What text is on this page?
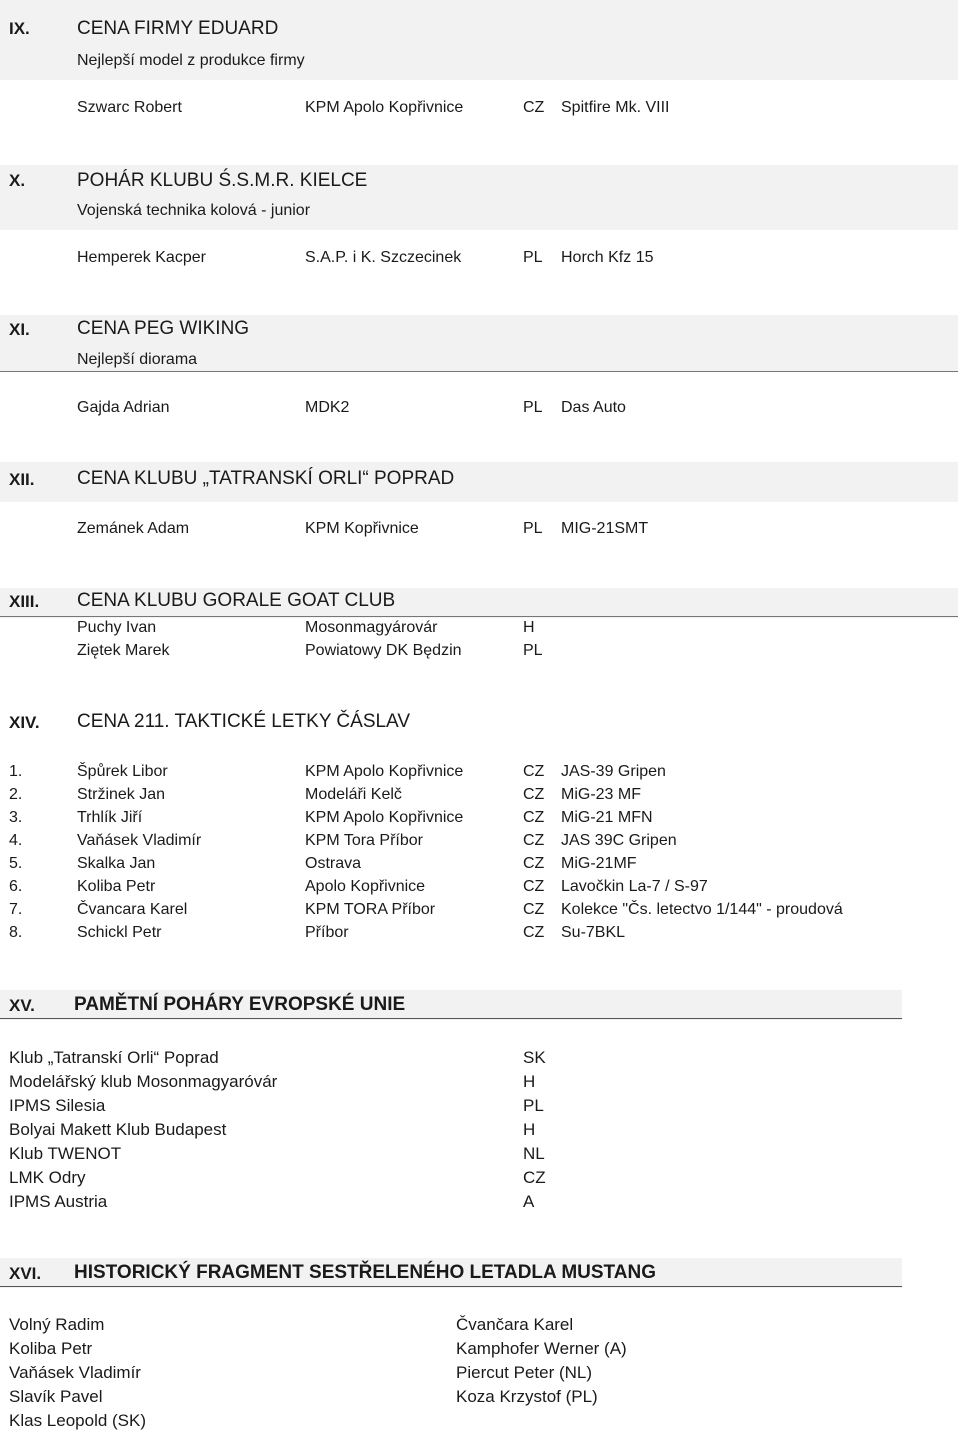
IX. CENA FIRMY EDUARD
Nejlepší model z produkce firmy
Szwarc Robert	KPM Apolo Kopřivnice	CZ Spitfire Mk. VIII
X.	POHÁR KLUBU Ś.S.M.R. KIELCE
Vojenská technika kolová - junior
Hemperek Kacper	S.A.P. i K. Szczecinek	PL Horch Kfz 15
XI. CENA PEG WIKING
Nejlepší diorama
Gajda Adrian	MDK2	PL Das Auto
XII. CENA KLUBU „TATRANSKÍ ORLI“ POPRAD
Zemánek Adam	KPM Kopřivnice	PL MIG-21SMT
XIII. CENA KLUBU GORALE GOAT CLUB
Puchy Ivan	Mosonmagyárovár	H
Ziętek Marek	Powiatowy DK Będzin	PL
XIV. CENA 211. TAKTICKÉ LETKY ČÁSLAV
1.	Špůrek Libor	KPM Apolo Kopřivnice	CZ JAS-39 Gripen
2.	Stržinek Jan	Modeláři Kelč	CZ MiG-23 MF
3.	Trhlík Jiří	KPM Apolo Kopřivnice	CZ MiG-21 MFN
4.	Vaňásek Vladimír	KPM Tora Příbor	CZ JAS 39C Gripen
5.	Skalka Jan	Ostrava	CZ MiG-21MF
6.	Koliba Petr	Apolo Kopřivnice	CZ Lavočkin La-7 / S-97
7.	Čvancara Karel	KPM TORA Příbor	CZ Kolekce "Čs. letectvo 1/144" - proudová
8.	Schickl Petr	Příbor	CZ Su-7BKL
XV. PAMĚTNÍ POHÁRY EVROPSKÉ UNIE
Klub „Tatranskí Orli“ Poprad	SK
Modelářský klub Mosonmagyaróvár	H
IPMS Silesia	PL
Bolyai Makett Klub Budapest	H
Klub TWENOT	NL
LMK Odry	CZ
IPMS Austria	A
XVI. HISTORICKÝ FRAGMENT SESTŘELENÉHO LETADLA MUSTANG
Volný Radim
Koliba Petr
Vaňásek Vladimír
Slavík Pavel
Klas Leopold (SK)
Čvančara Karel
Kamphofer Werner (A)
Piercut Peter (NL)
Koza Krzystof (PL)
